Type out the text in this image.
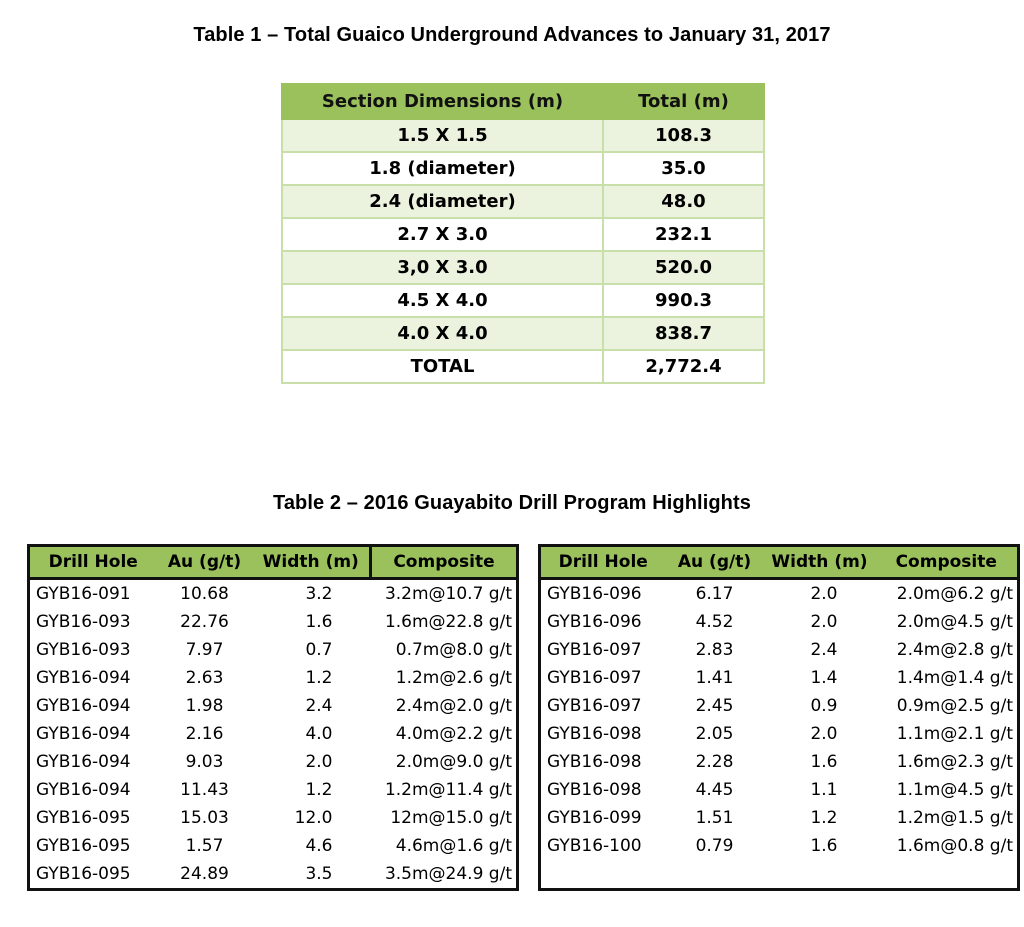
Table 1 – Total Guaico Underground Advances to January 31, 2017
Section Dimensions (m)	Total (m)
1.5 X 1.5	108.3
1.8 (diameter)	35.0
2.4 (diameter)	48.0
2.7 X 3.0	232.1
3,0 X 3.0	520.0
4.5 X 4.0	990.3
4.0 X 4.0	838.7
TOTAL	2,772.4
Table 2 – 2016 Guayabito Drill Program Highlights
Drill Hole	Au (g/t)	Width (m)	Composite
GYB16-091	10.68	3.2	3.2m@10.7 g/t
GYB16-093	22.76	1.6	1.6m@22.8 g/t
GYB16-093	7.97	0.7	0.7m@8.0 g/t
GYB16-094	2.63	1.2	1.2m@2.6 g/t
GYB16-094	1.98	2.4	2.4m@2.0 g/t
GYB16-094	2.16	4.0	4.0m@2.2 g/t
GYB16-094	9.03	2.0	2.0m@9.0 g/t
GYB16-094	11.43	1.2	1.2m@11.4 g/t
GYB16-095	15.03	12.0	12m@15.0 g/t
GYB16-095	1.57	4.6	4.6m@1.6 g/t
GYB16-095	24.89	3.5	3.5m@24.9 g/t
Drill Hole	Au (g/t)	Width (m)	Composite
GYB16-096	6.17	2.0	2.0m@6.2 g/t
GYB16-096	4.52	2.0	2.0m@4.5 g/t
GYB16-097	2.83	2.4	2.4m@2.8 g/t
GYB16-097	1.41	1.4	1.4m@1.4 g/t
GYB16-097	2.45	0.9	0.9m@2.5 g/t
GYB16-098	2.05	2.0	1.1m@2.1 g/t
GYB16-098	2.28	1.6	1.6m@2.3 g/t
GYB16-098	4.45	1.1	1.1m@4.5 g/t
GYB16-099	1.51	1.2	1.2m@1.5 g/t
GYB16-100	0.79	1.6	1.6m@0.8 g/t
